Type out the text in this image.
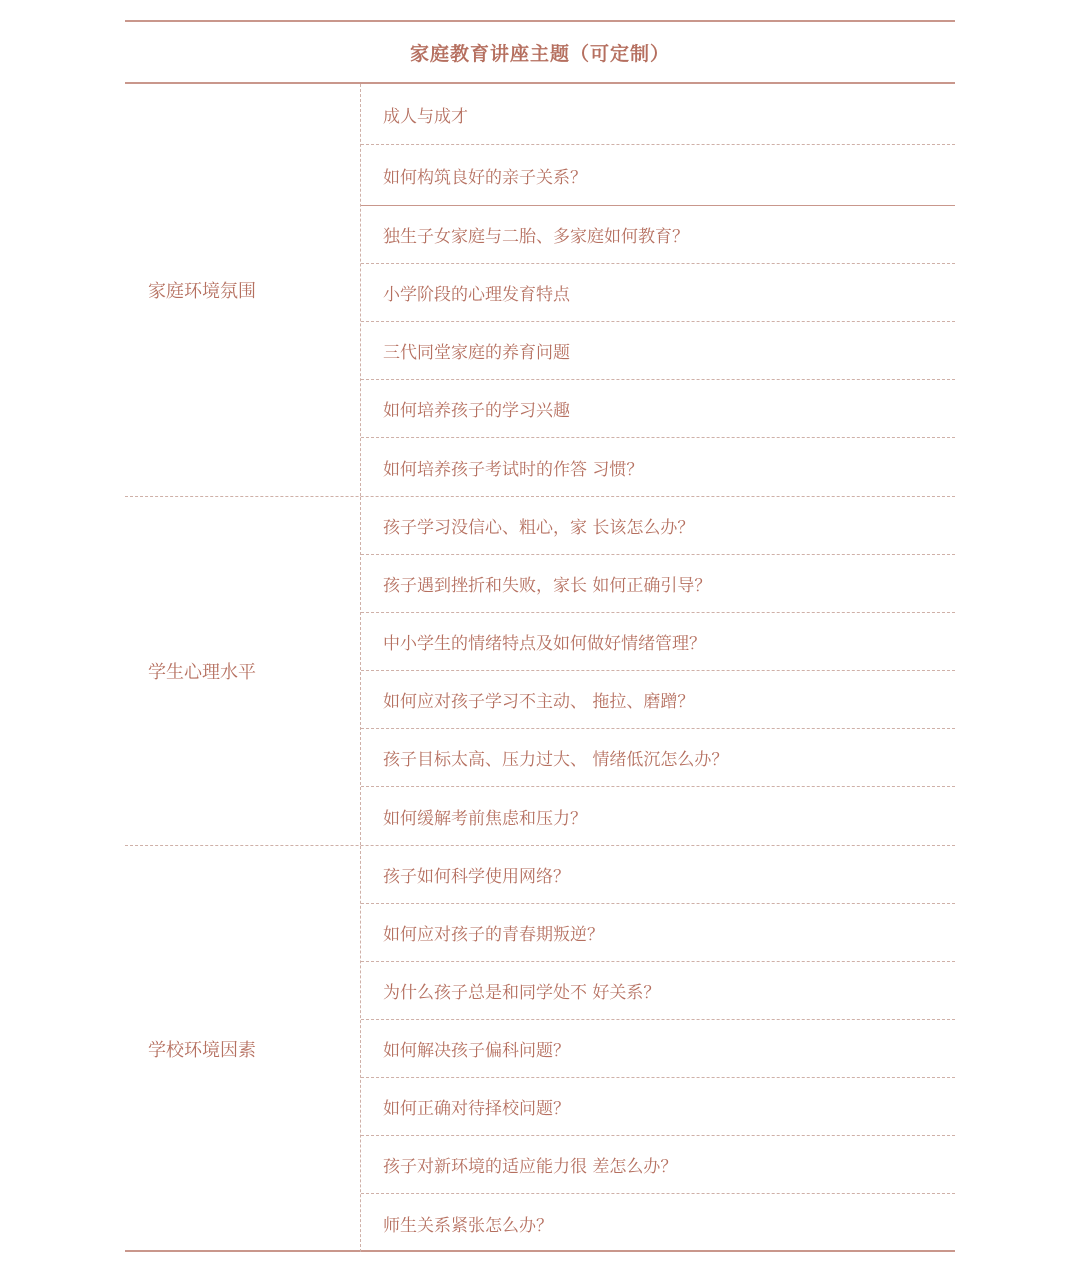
家庭教育讲座主题（可定制）
家庭环境氛围
成人与成才
如何构筑良好的亲子关系？
独生子女家庭与二胎、多家庭如何教育？
小学阶段的心理发育特点
三代同堂家庭的养育问题
如何培养孩子的学习兴趣
如何培养孩子考试时的作答 习惯？
学生心理水平
孩子学习没信心、粗心，家 长该怎么办？
孩子遇到挫折和失败，家长 如何正确引导？
中小学生的情绪特点及如何做好情绪管理？
如何应对孩子学习不主动、 拖拉、磨蹭？
孩子目标太高、压力过大、 情绪低沉怎么办？
如何缓解考前焦虑和压力？
学校环境因素
孩子如何科学使用网络？
如何应对孩子的青春期叛逆？
为什么孩子总是和同学处不 好关系？
如何解决孩子偏科问题？
如何正确对待择校问题？
孩子对新环境的适应能力很 差怎么办？
师生关系紧张怎么办？
